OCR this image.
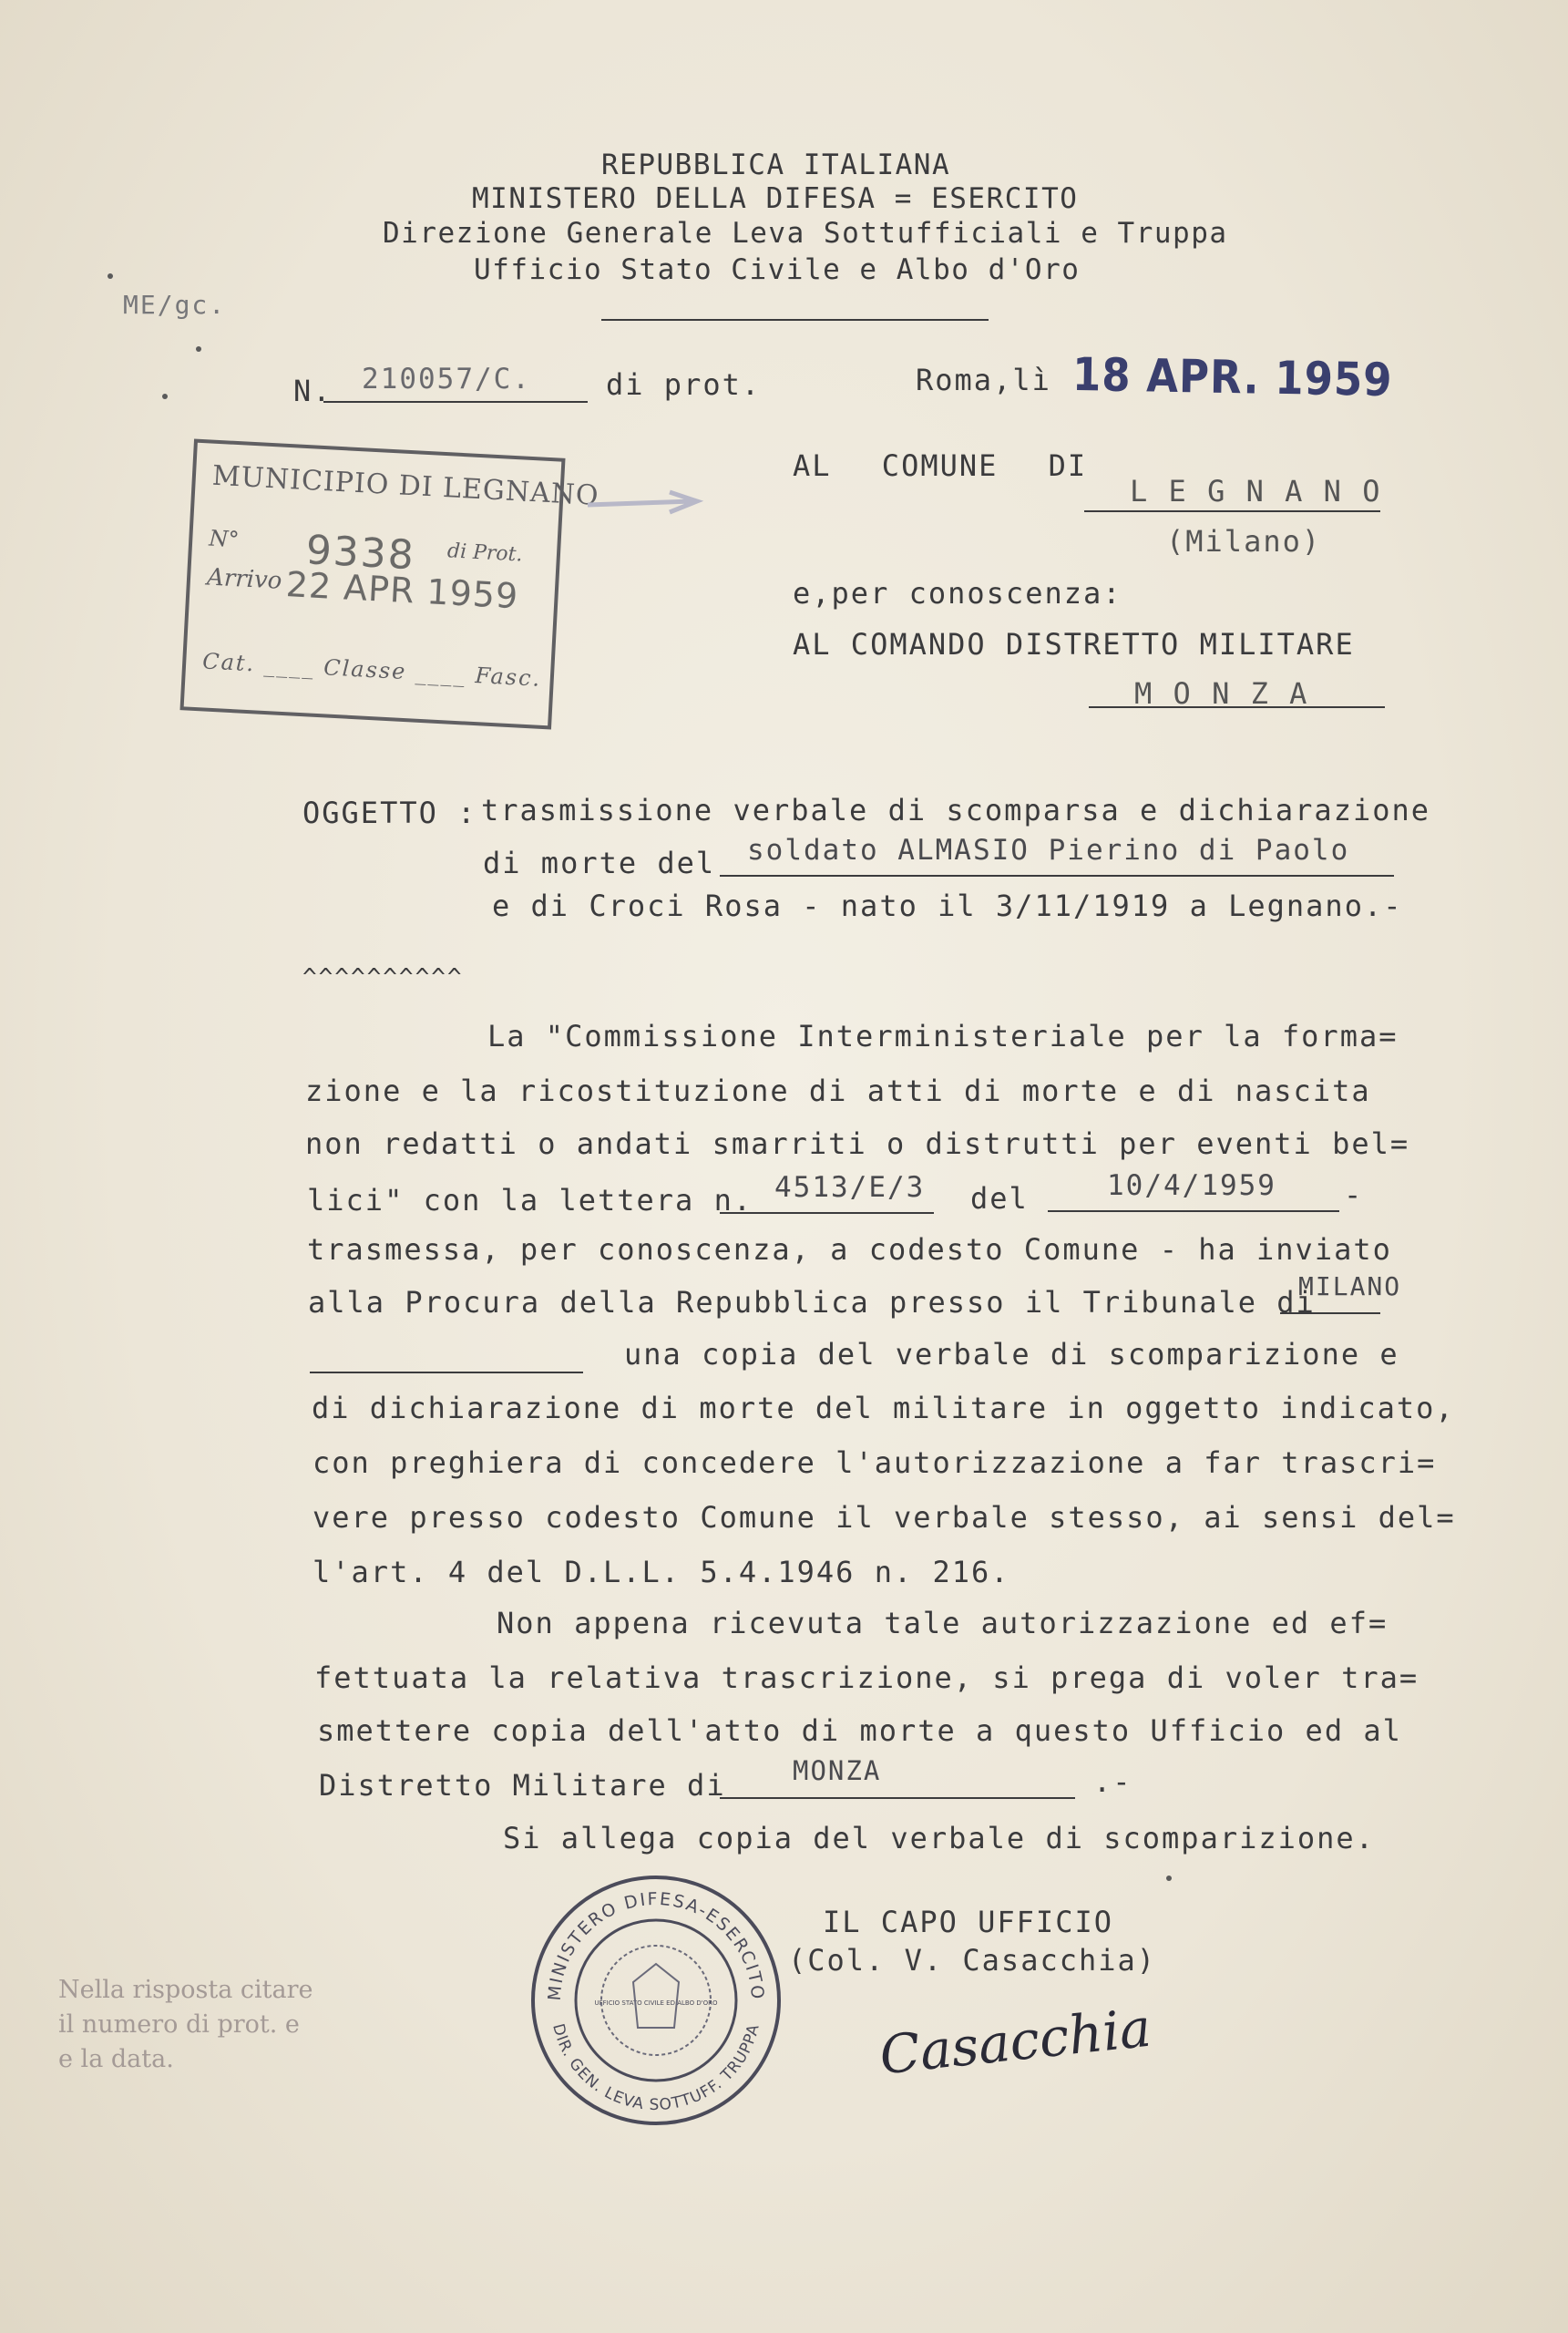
REPUBBLICA ITALIANA
MINISTERO DELLA DIFESA = ESERCITO
Direzione Generale Leva Sottufficiali e Truppa
Ufficio Stato Civile e Albo d'Oro
ME/gc.
N. 210057/C.	di prot.	Roma,lì 18 APR. 1959
AL COMUNE DI
L E G N A N O
(Milano)
e,per conoscenza:
AL COMANDO DISTRETTO MILITARE
M O N Z A
MUNICIPIO DI LEGNANO
N° 9338 di Prot.
Arrivo 22 APR 1959
Cat. ____ Classe ____ Fasc.
OGGETTO : trasmissione verbale di scomparsa e dichiarazione
di morte del soldato ALMASIO Pierino di Paolo
e di Croci Rosa - nato il 3/11/1919 a Legnano.-
^^^^^^^^^^
La "Commissione Interministeriale per la forma=
zione e la ricostituzione di atti di morte e di nascita
non redatti o andati smarriti o distrutti per eventi bel=
lici" con la lettera n. 4513/E/3 del	10/4/1959 -
trasmessa, per conoscenza, a codesto Comune - ha inviato
alla Procura della Repubblica presso il Tribunale di
MILANO
una copia del verbale di scomparizione e
di dichiarazione di morte del militare in oggetto indicato,
con preghiera di concedere l'autorizzazione a far trascri=
vere presso codesto Comune il verbale stesso, ai sensi del=
l'art. 4 del D.L.L. 5.4.1946 n. 216.
Non appena ricevuta tale autorizzazione ed ef=
fettuata la relativa trascrizione, si prega di voler tra=
smettere copia dell'atto di morte a questo Ufficio ed al
Distretto Militare di	MONZA	.-
Si allega copia del verbale di scomparizione.
MINISTERO DIFESA-ESERCITO
DIR. GEN. LEVA SOTTUFF. TRUPPA
UFFICIO STATO CIVILE ED ALBO D'ORO
IL CAPO UFFICIO
(Col. V. Casacchia)
Casacchia
Nella risposta citare
il numero di prot. e
e la data.
